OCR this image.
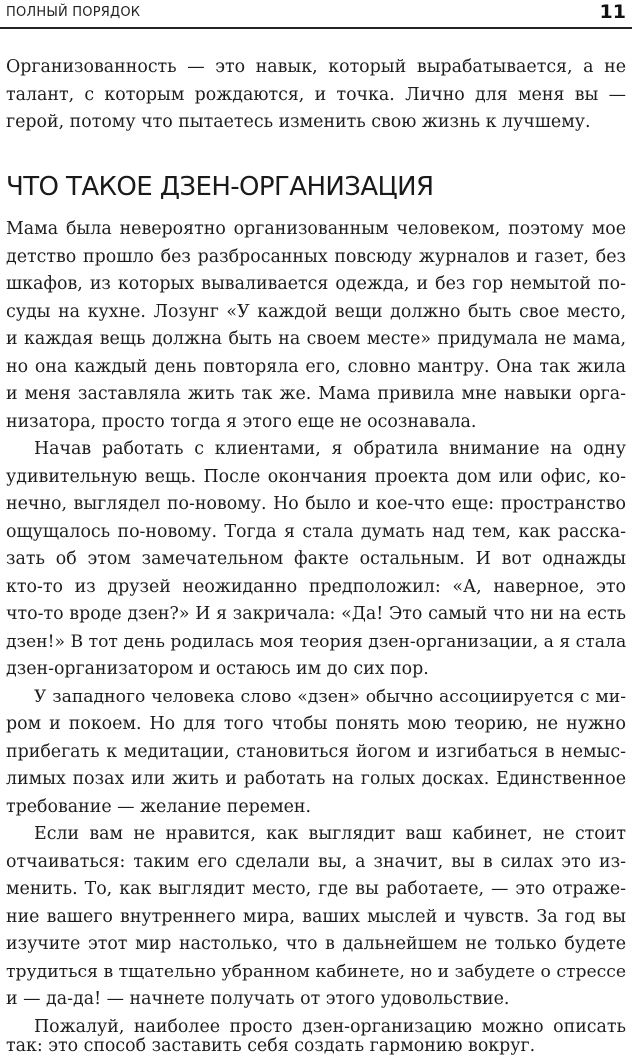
ПОЛНЫЙ ПОРЯДОК	11
Организованность — это навык, который вырабатывается, а не
талант, с которым рождаются, и точка. Лично для меня вы —
герой, потому что пытаетесь изменить свою жизнь к лучшему.
ЧТО ТАКОЕ ДЗЕН-ОРГАНИЗАЦИЯ
Мама была невероятно организованным человеком, поэтому мое
детство прошло без разбросанных повсюду журналов и газет, без
шкафов, из которых вываливается одежда, и без гор немытой по-
суды на кухне. Лозунг «У каждой вещи должно быть свое место,
и каждая вещь должна быть на своем месте» придумала не мама,
но она каждый день повторяла его, словно мантру. Она так жила
и меня заставляла жить так же. Мама привила мне навыки орга-
низатора, просто тогда я этого еще не осознавала.
Начав работать с клиентами, я обратила внимание на одну
удивительную вещь. После окончания проекта дом или офис, ко-
нечно, выглядел по-новому. Но было и кое-что еще: пространство
ощущалось по-новому. Тогда я стала думать над тем, как расска-
зать об этом замечательном факте остальным. И вот однажды
кто-то из друзей неожиданно предположил: «А, наверное, это
что-то вроде дзен?» И я закричала: «Да! Это самый что ни на есть
дзен!» В тот день родилась моя теория дзен-организации, а я стала
дзен-организатором и остаюсь им до сих пор.
У западного человека слово «дзен» обычно ассоциируется с ми-
ром и покоем. Но для того чтобы понять мою теорию, не нужно
прибегать к медитации, становиться йогом и изгибаться в немыс-
лимых позах или жить и работать на голых досках. Единственное
требование — желание перемен.
Если вам не нравится, как выглядит ваш кабинет, не стоит
отчаиваться: таким его сделали вы, а значит, вы в силах это из-
менить. То, как выглядит место, где вы работаете, — это отраже-
ние вашего внутреннего мира, ваших мыслей и чувств. За год вы
изучите этот мир настолько, что в дальнейшем не только будете
трудиться в тщательно убранном кабинете, но и забудете о стрессе
и — да-да! — начнете получать от этого удовольствие.
Пожалуй, наиболее просто дзен-организацию можно описать
так: это способ заставить себя создать гармонию вокруг.
